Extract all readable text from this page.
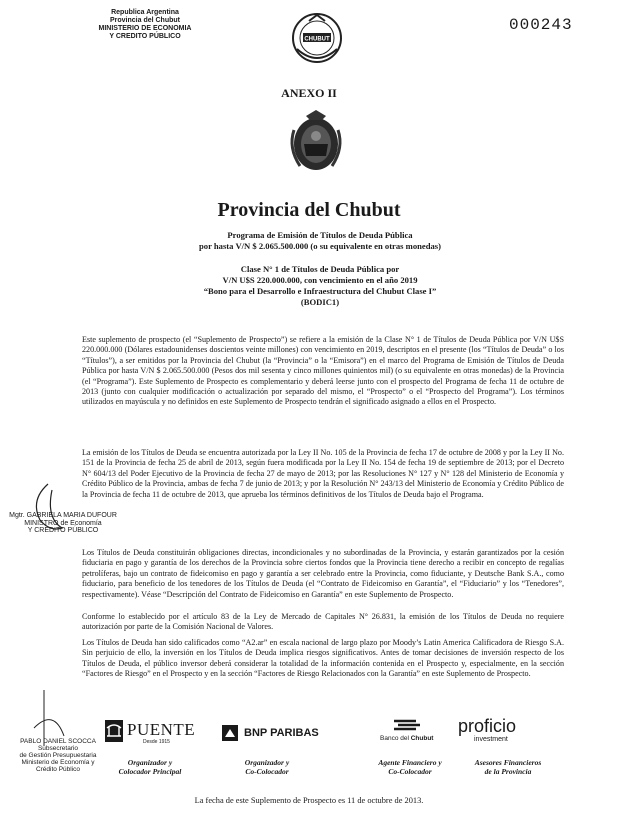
Republica Argentina
Provincia del Chubut
MINISTERIO DE ECONOMIA
Y CREDITO PÚBLICO	CHUBUT
000243
ANEXO II
Provincia del Chubut
Programa de Emisión de Títulos de Deuda Pública
por hasta V/N $ 2.065.500.000 (o su equivalente en otras monedas)
Clase N° 1 de Títulos de Deuda Pública por
V/N U$S 220.000.000, con vencimiento en el año 2019
“Bono para el Desarrollo e Infraestructura del Chubut Clase I”
(BODIC1)

Este suplemento de prospecto (el “Suplemento de Prospecto”) se refiere a la emisión de la Clase N° 1 de Títulos de Deuda Pública por V/N U$S 220.000.000 (Dólares estadounidenses doscientos veinte millones) con vencimiento en 2019, descriptos en el presente (los “Títulos de Deuda” o los “Títulos”), a ser emitidos por la Provincia del Chubut (la “Provincia” o la “Emisora”) en el marco del Programa de Emisión de Títulos de Deuda Pública por hasta V/N $ 2.065.500.000 (Pesos dos mil sesenta y cinco millones quinientos mil) (o su equivalente en otras monedas) de la Provincia (el “Programa”). Este Suplemento de Prospecto es complementario y deberá leerse junto con el prospecto del Programa de fecha 11 de octubre de 2013 (junto con cualquier modificación o actualización por separado del mismo, el “Prospecto” o el “Prospecto del Programa”). Los términos utilizados en mayúscula y no definidos en este Suplemento de Prospecto tendrán el significado asignado a ellos en el Prospecto.

La emisión de los Títulos de Deuda se encuentra autorizada por la Ley II No. 105 de la Provincia de fecha 17 de octubre de 2008 y por la Ley II No. 151 de la Provincia de fecha 25 de abril de 2013, según fuera modificada por la Ley II No. 154 de fecha 19 de septiembre de 2013; por el Decreto N° 604/13 del Poder Ejecutivo de la Provincia de fecha 27 de mayo de 2013; por las Resoluciones N° 127 y N° 128 del Ministerio de Economía y Crédito Público de la Provincia, ambas de fecha 7 de junio de 2013; y por la Resolución N° 243/13 del Ministerio de Economía y Crédito Público de la Provincia de fecha 11 de octubre de 2013, que aprueba los términos definitivos de los Títulos de Deuda bajo el Programa.

Los Títulos de Deuda constituirán obligaciones directas, incondicionales y no subordinadas de la Provincia, y estarán garantizados por la cesión fiduciaria en pago y garantía de los derechos de la Provincia sobre ciertos fondos que la Provincia tiene derecho a recibir en concepto de regalías petrolíferas, bajo un contrato de fideicomiso en pago y garantía a ser celebrado entre la Provincia, como fiduciante, y Deutsche Bank S.A., como fiduciario, para beneficio de los tenedores de los Títulos de Deuda (el “Contrato de Fideicomiso en Garantía”, el “Fiduciario” y los “Tenedores”, respectivamente). Véase “Descripción del Contrato de Fideicomiso en Garantía” en este Suplemento de Prospecto.

Conforme lo establecido por el artículo 83 de la Ley de Mercado de Capitales N° 26.831, la emisión de los Títulos de Deuda no requiere autorización por parte de la Comisión Nacional de Valores.

Los Títulos de Deuda han sido calificados como “A2.ar” en escala nacional de largo plazo por Moody’s Latin America Calificadora de Riesgo S.A. Sin perjuicio de ello, la inversión en los Títulos de Deuda implica riesgos significativos. Antes de tomar decisiones de inversión respecto de los Títulos de Deuda, el público inversor deberá considerar la totalidad de la información contenida en el Prospecto y, especialmente, en la sección “Factores de Riesgo” en el Prospecto y en la sección “Factores de Riesgo Relacionados con la Garantía” en este Suplemento de Prospecto.

Mgtr. GABRIELA MARIA DUFOUR
MINISTRO de Economía
Y CREDITO PÚBLICO
PABLO DANIEL SCOCCA
Subsecretario
de Gestión Presupuestaria
Ministerio de Economía y
Crédito Público
PUENTE
Desde 1915
BNP PARIBAS	Banco del Chubut
proficio
investment
Organizador y
Colocador Principal
Organizador y
Co-Colocador
Agente Financiero y
Co-Colocador
Asesores Financieros
de la Provincia
La fecha de este Suplemento de Prospecto es 11 de octubre de 2013.
